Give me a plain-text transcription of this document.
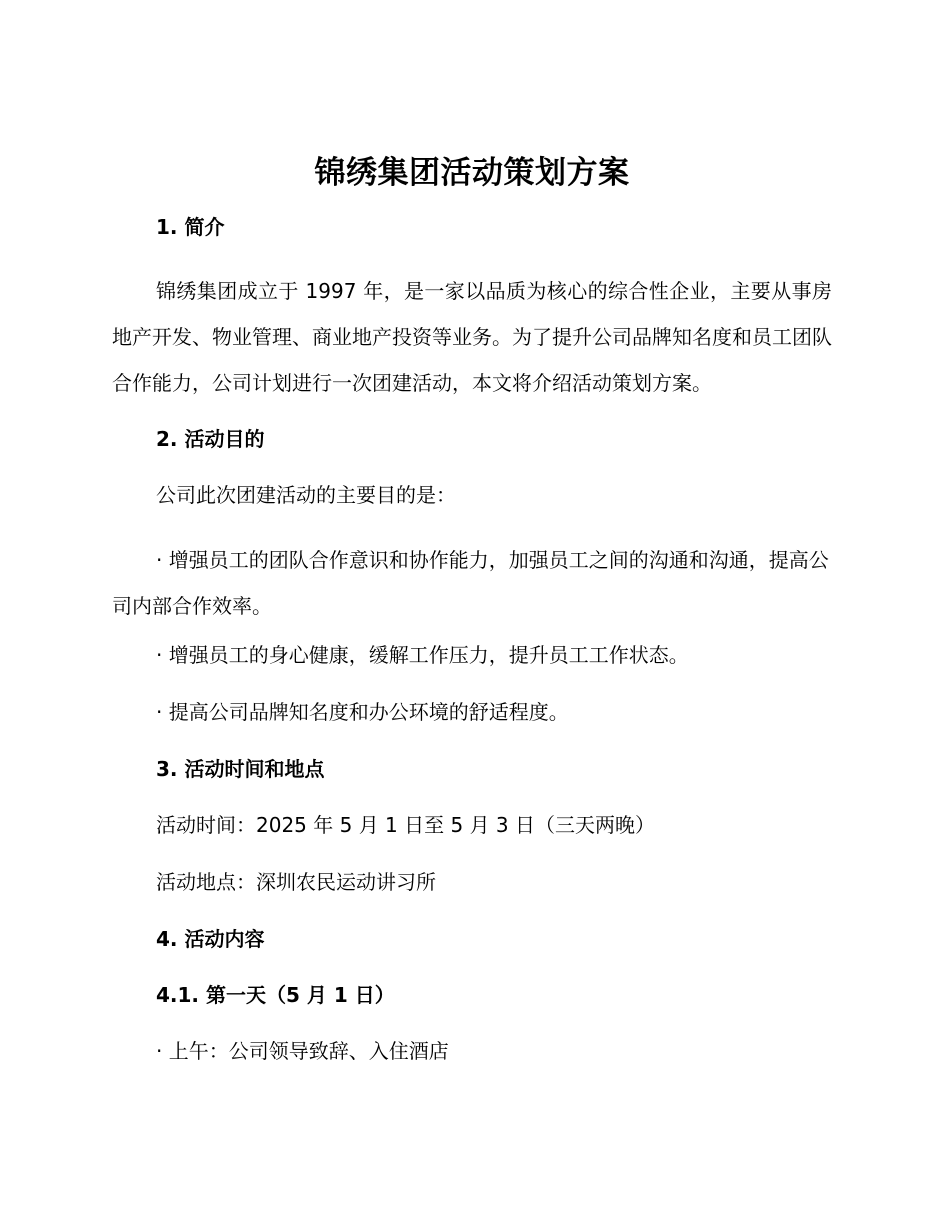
锦绣集团活动策划方案
1. 简介
锦绣集团成立于 1997 年，是一家以品质为核心的综合性企业，主要从事房地产开发、物业管理、商业地产投资等业务。为了提升公司品牌知名度和员工团队合作能力，公司计划进行一次团建活动，本文将介绍活动策划方案。
2. 活动目的
公司此次团建活动的主要目的是：
· 增强员工的团队合作意识和协作能力，加强员工之间的沟通和沟通，提高公司内部合作效率。
· 增强员工的身心健康，缓解工作压力，提升员工工作状态。
· 提高公司品牌知名度和办公环境的舒适程度。
3. 活动时间和地点
活动时间：2025 年 5 月 1 日至 5 月 3 日（三天两晚）
活动地点：深圳农民运动讲习所
4. 活动内容
4.1. 第一天（5 月 1 日）
· 上午：公司领导致辞、入住酒店
